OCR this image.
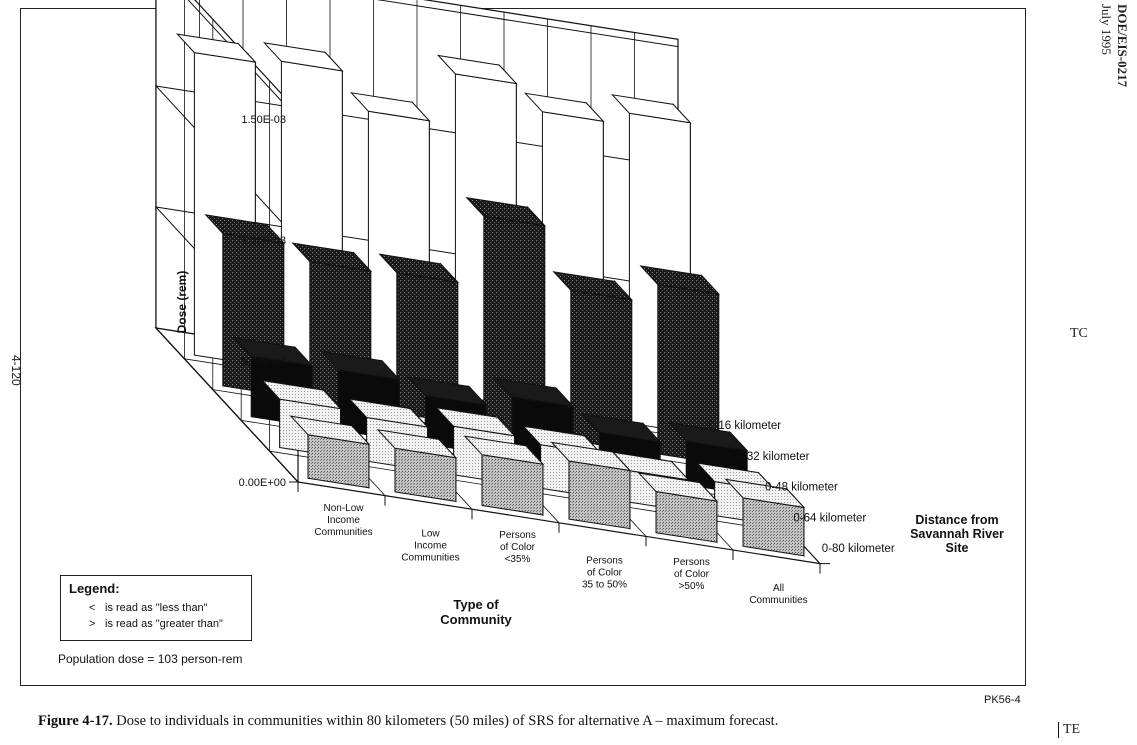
0.00E+00
5.00E-04
1.00E-03
1.50E-03
Non-Low
Income
Communities	Low
Income
Communities
Persons
of Color
<35%	Persons
of Color
35 to 50%
Persons
of Color
>50%	All
Communities
0-16 kilometer
0-32 kilometer
0-48 kilometer
0-64 kilometer
0-80 kilometer
Dose (rem)
Type of
Community
Distance from
Savannah River
Site
DOE/EIS-0217
July 1995
4-120
TC
TE
PK56-4
Legend:
< is read as "less than"
> is read as "greater than"
Population dose = 103 person-rem
Figure 4-17. Dose to individuals in communities within 80 kilometers (50 miles) of SRS for alternative A – maximum forecast.
